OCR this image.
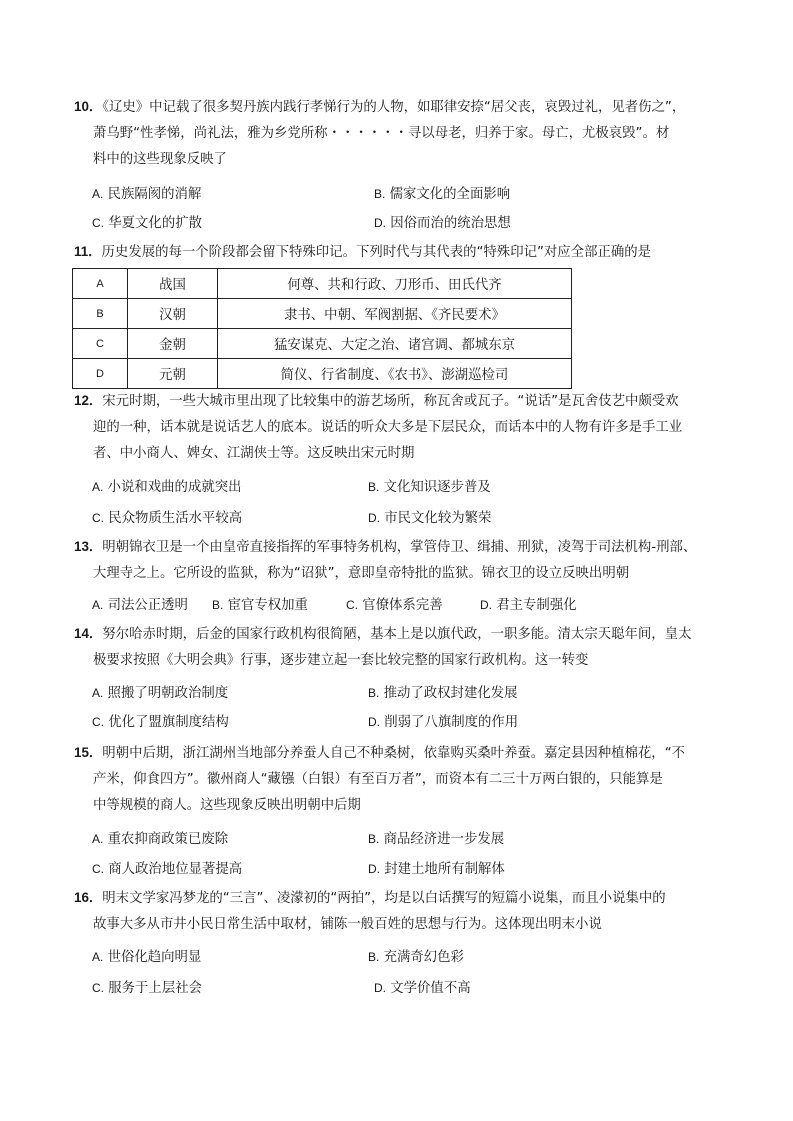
10．《辽史》中记载了很多契丹族内践行孝悌行为的人物，如耶律安捺“居父丧，哀毁过礼，见者伤之”，
萧乌野“性孝悌，尚礼法，雅为乡党所称・・・・・・寻以母老，归养于家。母亡，尤极哀毁”。材
料中的这些现象反映了

A. 民族隔阂的消解	B. 儒家文化的全面影响
C. 华夏文化的扩散	D. 因俗而治的统治思想

11．历史发展的每一个阶段都会留下特殊印记。下列时代与其代表的“特殊印记”对应全部正确的是

A	战国	何尊、共和行政、刀形币、田氏代齐
B	汉朝	隶书、中朝、军阀割据、《齐民要术》
C	金朝	猛安谋克、大定之治、诸宫调、都城东京
D	元朝	简仪、行省制度、《农书》、澎湖巡检司

12．宋元时期，一些大城市里出现了比较集中的游艺场所，称瓦舍或瓦子。“说话”是瓦舍伎艺中颇受欢
迎的一种，话本就是说话艺人的底本。说话的听众大多是下层民众，而话本中的人物有许多是手工业
者、中小商人、婢女、江湖侠士等。这反映出宋元时期

A. 小说和戏曲的成就突出	B. 文化知识逐步普及
C. 民众物质生活水平较高	D. 市民文化较为繁荣

13．明朝锦衣卫是一个由皇帝直接指挥的军事特务机构，掌管侍卫、缉捕、刑狱，凌驾于司法机构-刑部、
大理寺之上。它所设的监狱，称为“诏狱”，意即皇帝特批的监狱。锦衣卫的设立反映出明朝

A. 司法公正透明 B. 宦官专权加重	C. 官僚体系完善	D. 君主专制强化

14．努尔哈赤时期，后金的国家行政机构很简陋，基本上是以旗代政，一职多能。清太宗天聪年间，皇太
极要求按照《大明会典》行事，逐步建立起一套比较完整的国家行政机构。这一转变

A. 照搬了明朝政治制度	B. 推动了政权封建化发展
C. 优化了盟旗制度结构	D. 削弱了八旗制度的作用

15．明朝中后期，浙江湖州当地部分养蚕人自己不种桑树，依靠购买桑叶养蚕。嘉定县因种植棉花，“不
产米，仰食四方”。徽州商人“藏镪（白银）有至百万者”，而资本有二三十万两白银的，只能算是
中等规模的商人。这些现象反映出明朝中后期

A. 重农抑商政策已废除	B. 商品经济进一步发展
C. 商人政治地位显著提高	D. 封建土地所有制解体

16．明末文学家冯梦龙的“三言”、凌濛初的“两拍”，均是以白话撰写的短篇小说集，而且小说集中的
故事大多从市井小民日常生活中取材，铺陈一般百姓的思想与行为。这体现出明末小说

A. 世俗化趋向明显	B. 充满奇幻色彩
C. 服务于上层社会	D. 文学价值不高
